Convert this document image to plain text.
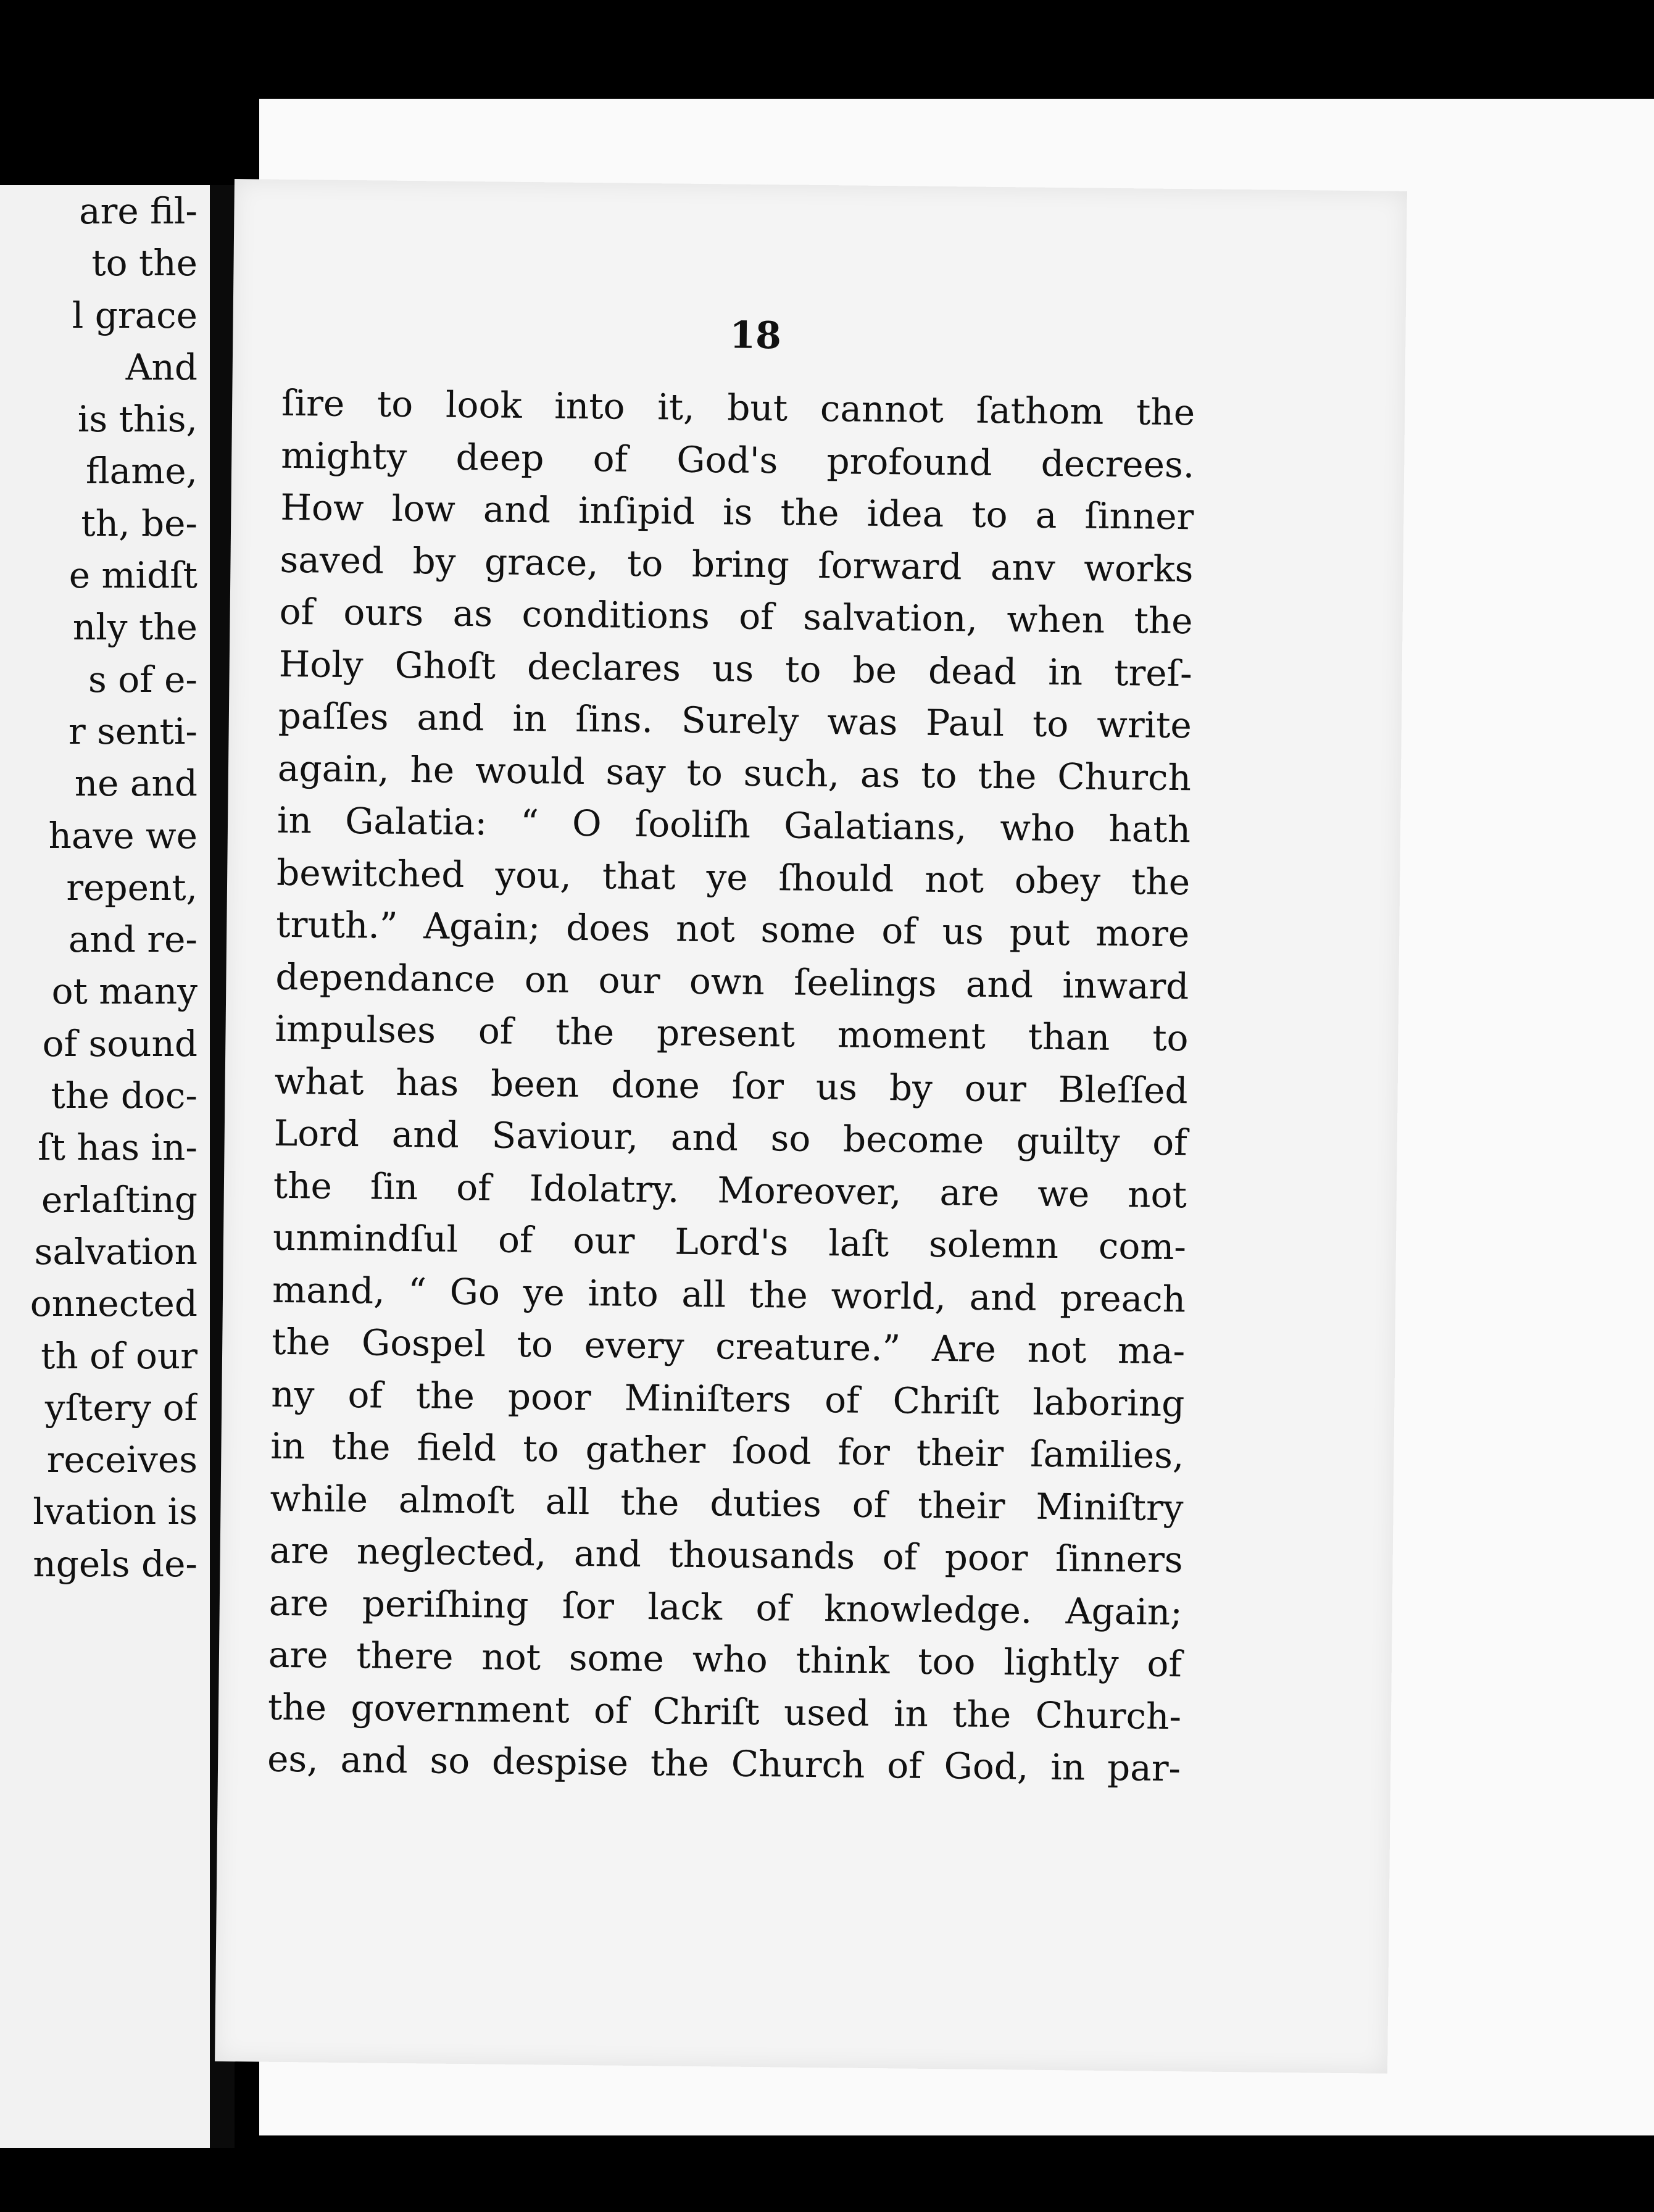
are fil-
to the
l grace
And
is this,
flame,
th, be-
e midſt
nly the
s of e-
r senti-
ne and
have we
repent,
and re-
ot many
of sound
the doc-
ſt has in-
erlaſting
salvation
onnected
th of our
yſtery of
receives
lvation is
ngels de-
18
ſire to look into it, but cannot ſathom the
mighty deep of God's profound decrees.
How low and inſipid is the idea to a ſinner
saved by grace, to bring ſorward anv works
of ours as conditions of salvation, when the
Holy Ghoſt declares us to be dead in treſ-
paſſes and in ſins. Surely was Paul to write
again, he would say to such, as to the Church
in Galatia: “ O ſooliſh Galatians, who hath
bewitched you, that ye ſhould not obey the
truth.” Again; does not some of us put more
dependance on our own ſeelings and inward
impulses of the present moment than to
what has been done ſor us by our Bleſſed
Lord and Saviour, and so become guilty of
the ſin of Idolatry. Moreover, are we not
unmindſul of our Lord's laſt solemn com-
mand, “ Go ye into all the world, and preach
the Gospel to every creature.” Are not ma-
ny of the poor Miniſters of Chriſt laboring
in the field to gather ſood for their ſamilies,
while almoſt all the duties of their Miniſtry
are neglected, and thousands of poor ſinners
are periſhing ſor lack of knowledge. Again;
are there not some who think too lightly of
the government of Chriſt used in the Church-
es, and so despise the Church of God, in par-
